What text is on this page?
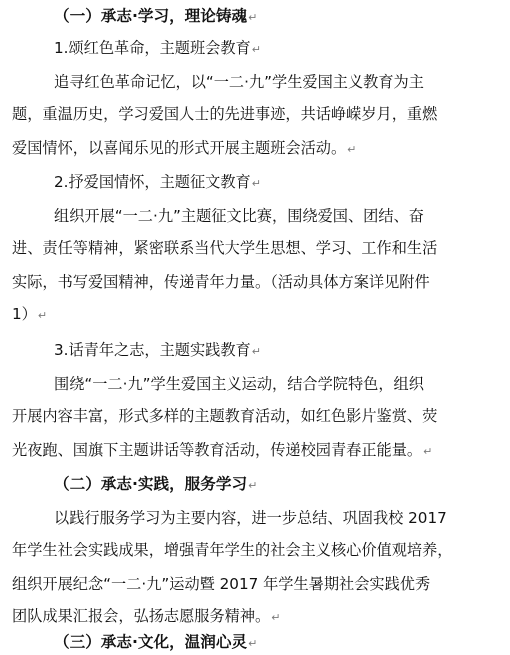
（一）承志·学习，理论铸魂↵
1.颂红色革命，主题班会教育↵
追寻红色革命记忆，以“一二·九”学生爱国主义教育为主
题，重温历史，学习爱国人士的先进事迹，共话峥嵘岁月，重燃
爱国情怀，以喜闻乐见的形式开展主题班会活动。↵
2.抒爱国情怀，主题征文教育↵
组织开展“一二·九”主题征文比赛，围绕爱国、团结、奋
进、责任等精神，紧密联系当代大学生思想、学习、工作和生活
实际，书写爱国精神，传递青年力量。（活动具体方案详见附件
1）↵
3.话青年之志，主题实践教育↵
围绕“一二·九”学生爱国主义运动，结合学院特色，组织
开展内容丰富，形式多样的主题教育活动，如红色影片鉴赏、荧
光夜跑、国旗下主题讲话等教育活动，传递校园青春正能量。↵
（二）承志·实践，服务学习↵
以践行服务学习为主要内容，进一步总结、巩固我校 2017
年学生社会实践成果，增强青年学生的社会主义核心价值观培养，
组织开展纪念“一二·九”运动暨 2017 年学生暑期社会实践优秀
团队成果汇报会，弘扬志愿服务精神。↵
（三）承志·文化，温润心灵↵
